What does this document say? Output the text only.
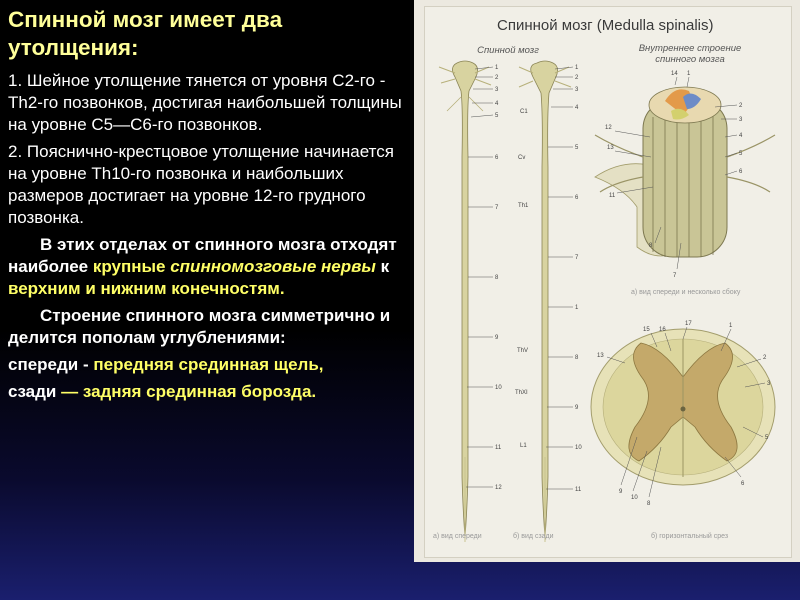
Спинной мозг имеет два утолщения:

1. Шейное утолщение тянется от уровня С2-го - Th2-го позвонков, достигая наибольшей толщины на уровне С5—С6-го позвонков.

2. Пояснично-крестцовое утолщение начинается на уровне Th10-го позвонка и наибольших размеров достигает на уровне 12-го грудного позвонка.

В этих отделах от спинного мозга отходят наиболее крупные спинномозговые нервы к верхним и нижним конечностям.

Строение спинного мозга симметрично и делится пополам углублениями:

спереди - передняя срединная щель,

сзади — задняя срединная борозда.

Спинной мозг (Medulla spinalis)
Спинной мозг	Внутреннее строение
спинного мозга
1
2
3
4
5
6
7
8
9
10
11
12
1
2
3
4
5
6
7
1
8
9
10
11
C1
Cv
Th1
ThV
ThXI
L1
14 1
2
3
4
5
6
12
13
11
8
7
17
15 16
1
2
3
5
6
9
10
8
13
а) вид спереди	б) вид сзади
а) вид спереди и несколько сбоку
б) горизонтальный срез
